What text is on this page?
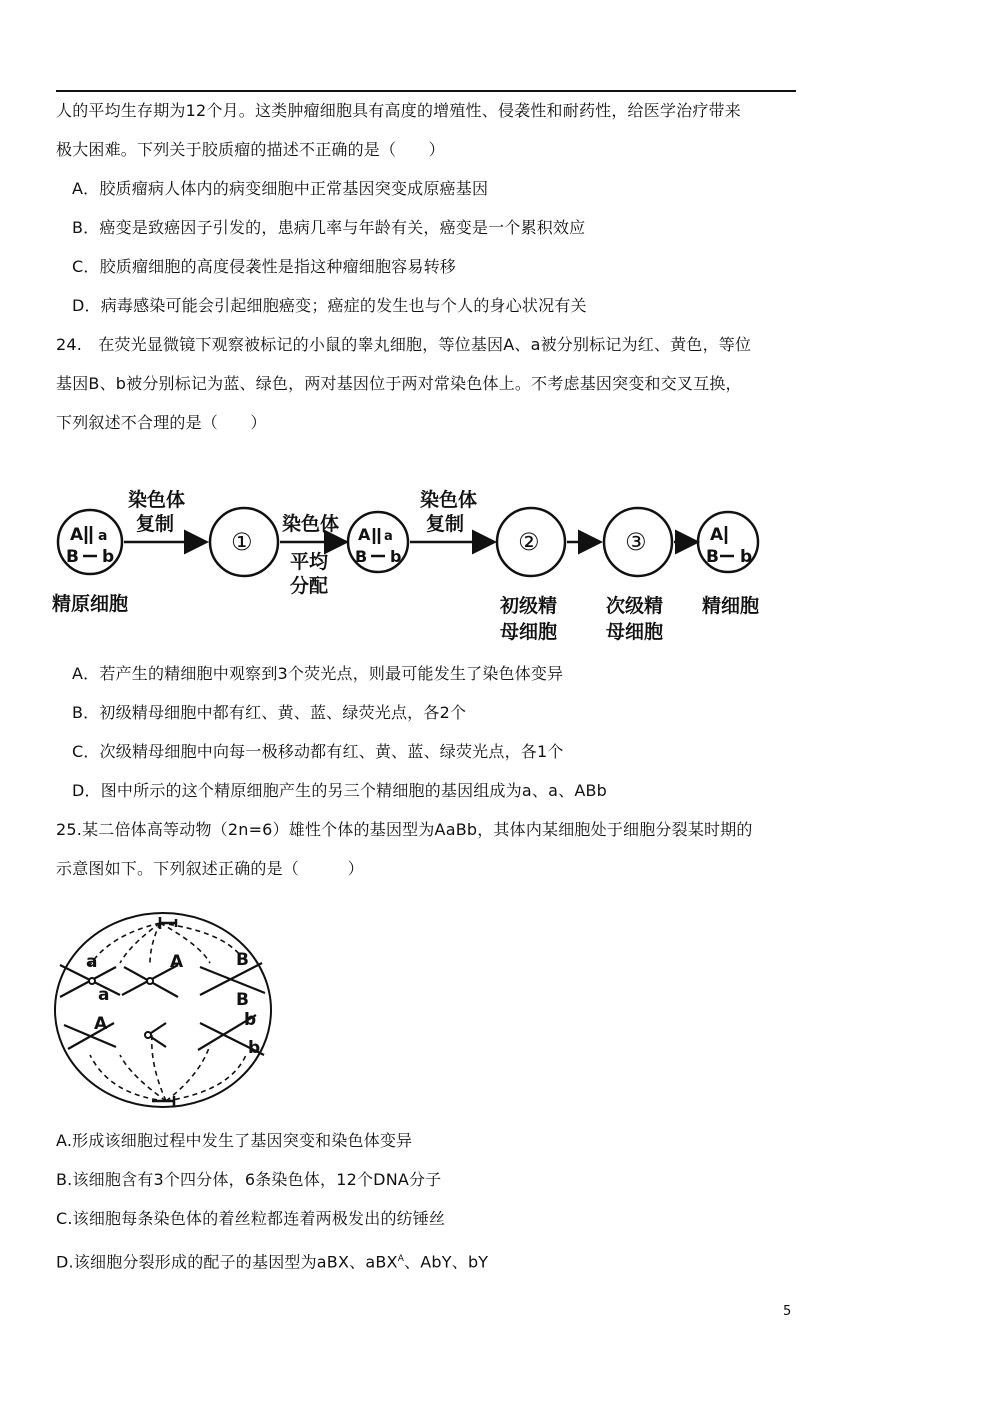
人的平均生存期为12个月。这类肿瘤细胞具有高度的增殖性、侵袭性和耐药性，给医学治疗带来
极大困难。下列关于胶质瘤的描述不正确的是（　　）
A．胶质瘤病人体内的病变细胞中正常基因突变成原癌基因
B．癌变是致癌因子引发的，患病几率与年龄有关，癌变是一个累积效应
C．胶质瘤细胞的高度侵袭性是指这种瘤细胞容易转移
D．病毒感染可能会引起细胞癌变；癌症的发生也与个人的身心状况有关
24.　在荧光显微镜下观察被标记的小鼠的睾丸细胞，等位基因A、a被分别标记为红、黄色，等位
基因B、b被分别标记为蓝、绿色，两对基因位于两对常染色体上。不考虑基因突变和交叉互换，
下列叙述不合理的是（　　）
A a
B b
A a
B b
A
B b
染色体
复制
①
染色体
平均
分配
染色体
复制
②	③
精原细胞	初级精
母细胞
次级精
母细胞
精细胞
A．若产生的精细胞中观察到3个荧光点，则最可能发生了染色体变异
B．初级精母细胞中都有红、黄、蓝、绿荧光点，各2个
C．次级精母细胞中向每一极移动都有红、黄、蓝、绿荧光点，各1个
D．图中所示的这个精原细胞产生的另三个精细胞的基因组成为a、a、ABb
25.某二倍体高等动物（2n=6）雄性个体的基因型为AaBb，其体内某细胞处于细胞分裂某时期的
示意图如下。下列叙述正确的是（　　　）
a
a
A	B
B
A	b
b
A.形成该细胞过程中发生了基因突变和染色体变异
B.该细胞含有3个四分体，6条染色体，12个DNA分子
C.该细胞每条染色体的着丝粒都连着两极发出的纺锤丝
D.该细胞分裂形成的配子的基因型为aBX、aBX$^A$、AbY、bY
5
